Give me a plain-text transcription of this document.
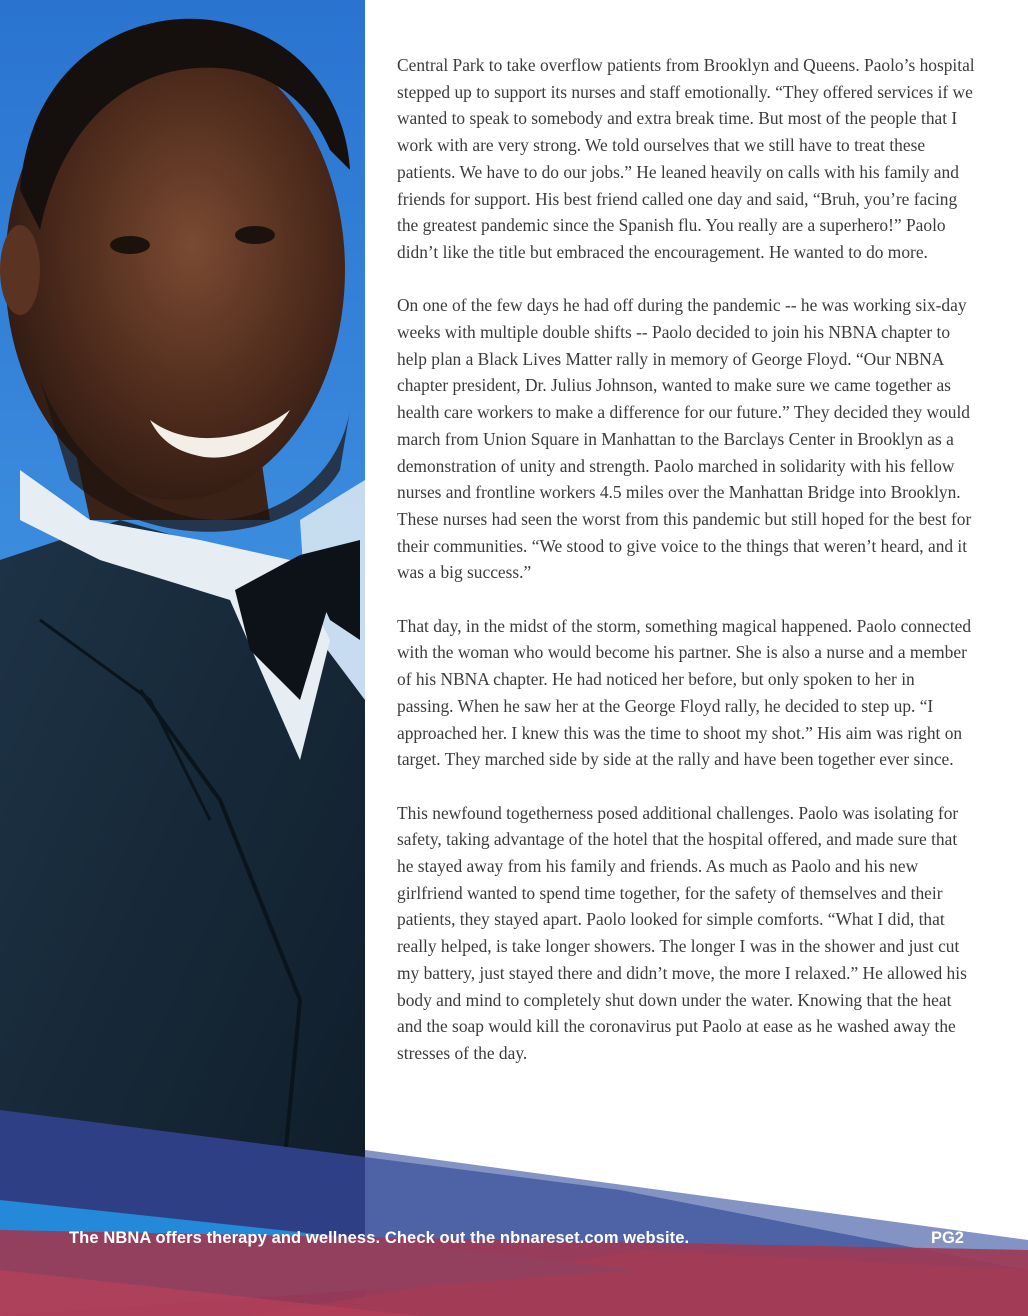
Central Park to take overflow patients from Brooklyn and Queens. Paolo’s hospital stepped up to support its nurses and staff emotionally. “They offered services if we wanted to speak to somebody and extra break time. But most of the people that I work with are very strong. We told ourselves that we still have to treat these patients. We have to do our jobs.” He leaned heavily on calls with his family and friends for support. His best friend called one day and said, “Bruh, you’re facing the greatest pandemic since the Spanish flu. You really are a superhero!” Paolo didn’t like the title but embraced the encouragement. He wanted to do more.

On one of the few days he had off during the pandemic -- he was working six-day weeks with multiple double shifts -- Paolo decided to join his NBNA chapter to help plan a Black Lives Matter rally in memory of George Floyd. “Our NBNA chapter president, Dr. Julius Johnson, wanted to make sure we came together as health care workers to make a difference for our future.” They decided they would march from Union Square in Manhattan to the Barclays Center in Brooklyn as a demonstration of unity and strength. Paolo marched in solidarity with his fellow nurses and frontline workers 4.5 miles over the Manhattan Bridge into Brooklyn. These nurses had seen the worst from this pandemic but still hoped for the best for their communities. “We stood to give voice to the things that weren’t heard, and it was a big success.”

That day, in the midst of the storm, something magical happened. Paolo connected with the woman who would become his partner. She is also a nurse and a member of his NBNA chapter. He had noticed her before, but only spoken to her in passing. When he saw her at the George Floyd rally, he decided to step up. “I approached her. I knew this was the time to shoot my shot.” His aim was right on target. They marched side by side at the rally and have been together ever since.

This newfound togetherness posed additional challenges. Paolo was isolating for safety, taking advantage of the hotel that the hospital offered, and made sure that he stayed away from his family and friends. As much as Paolo and his new girlfriend wanted to spend time together, for the safety of themselves and their patients, they stayed apart. Paolo looked for simple comforts. “What I did, that really helped, is take longer showers. The longer I was in the shower and just cut my battery, just stayed there and didn’t move, the more I relaxed.” He allowed his body and mind to completely shut down under the water. Knowing that the heat and the soap would kill the coronavirus put Paolo at ease as he washed away the stresses of the day.

The NBNA offers therapy and wellness. Check out the nbnareset.com website.	PG2
